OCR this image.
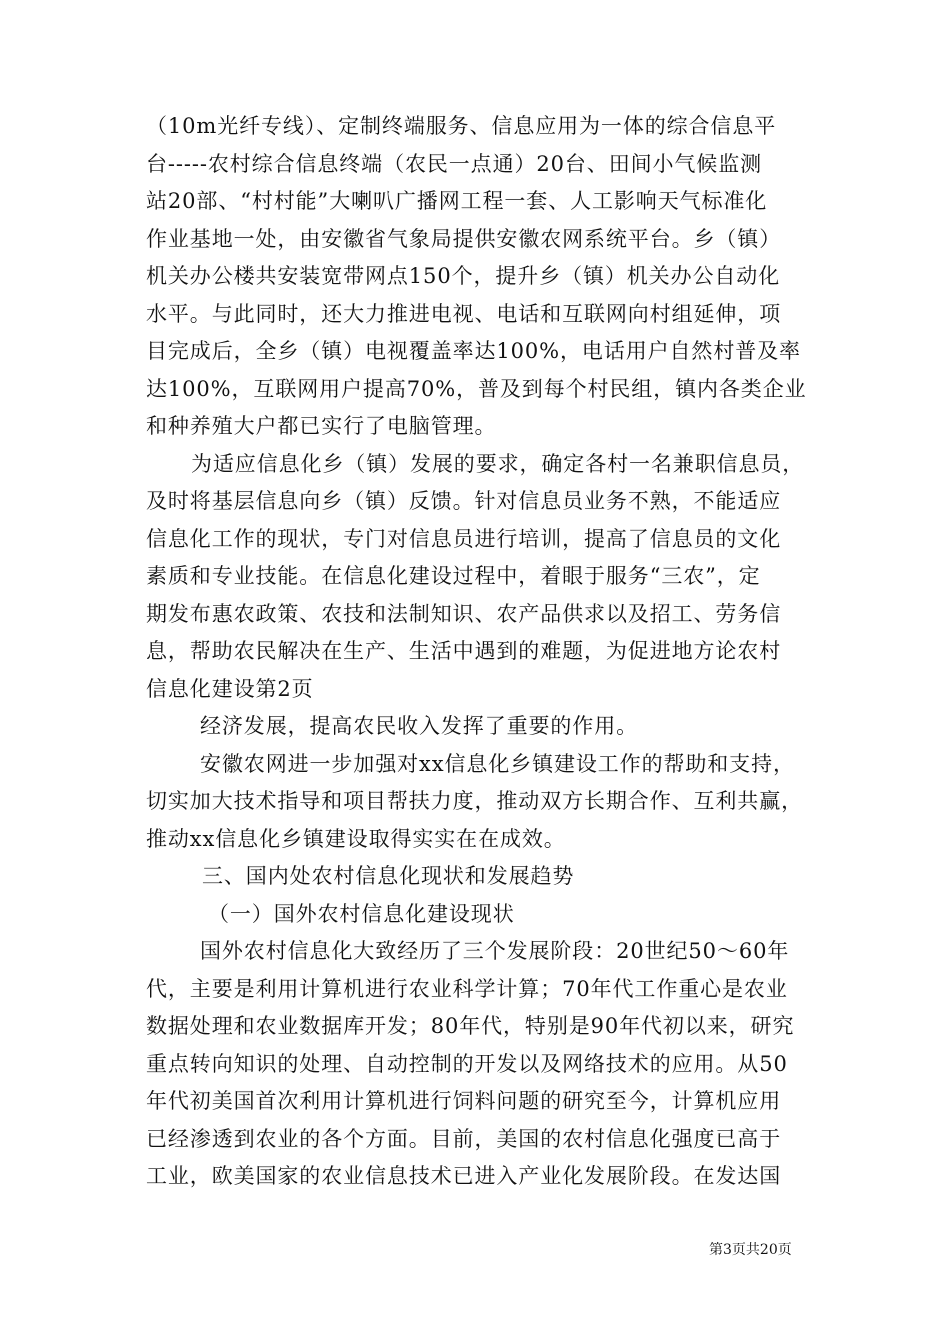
（10m光纤专线）、定制终端服务、信息应用为一体的综合信息平
台-----农村综合信息终端（农民一点通）20台、田间小气候监测
站20部、“村村能”大喇叭广播网工程一套、人工影响天气标准化
作业基地一处，由安徽省气象局提供安徽农网系统平台。乡（镇）
机关办公楼共安装宽带网点150个，提升乡（镇）机关办公自动化
水平。与此同时，还大力推进电视、电话和互联网向村组延伸，项
目完成后，全乡（镇）电视覆盖率达100%，电话用户自然村普及率
达100%，互联网用户提高70%，普及到每个村民组，镇内各类企业
和种养殖大户都已实行了电脑管理。
为适应信息化乡（镇）发展的要求，确定各村一名兼职信息员，
及时将基层信息向乡（镇）反馈。针对信息员业务不熟，不能适应
信息化工作的现状，专门对信息员进行培训，提高了信息员的文化
素质和专业技能。在信息化建设过程中，着眼于服务“三农”，定
期发布惠农政策、农技和法制知识、农产品供求以及招工、劳务信
息，帮助农民解决在生产、生活中遇到的难题，为促进地方论农村
信息化建设第2页
经济发展，提高农民收入发挥了重要的作用。
安徽农网进一步加强对xx信息化乡镇建设工作的帮助和支持，
切实加大技术指导和项目帮扶力度，推动双方长期合作、互利共赢，
推动xx信息化乡镇建设取得实实在在成效。
三、国内处农村信息化现状和发展趋势
（一）国外农村信息化建设现状
国外农村信息化大致经历了三个发展阶段：20世纪50～60年
代，主要是利用计算机进行农业科学计算；70年代工作重心是农业
数据处理和农业数据库开发；80年代，特别是90年代初以来，研究
重点转向知识的处理、自动控制的开发以及网络技术的应用。从50
年代初美国首次利用计算机进行饲料问题的研究至今，计算机应用
已经渗透到农业的各个方面。目前，美国的农村信息化强度已高于
工业，欧美国家的农业信息技术已进入产业化发展阶段。在发达国
第3页共20页
